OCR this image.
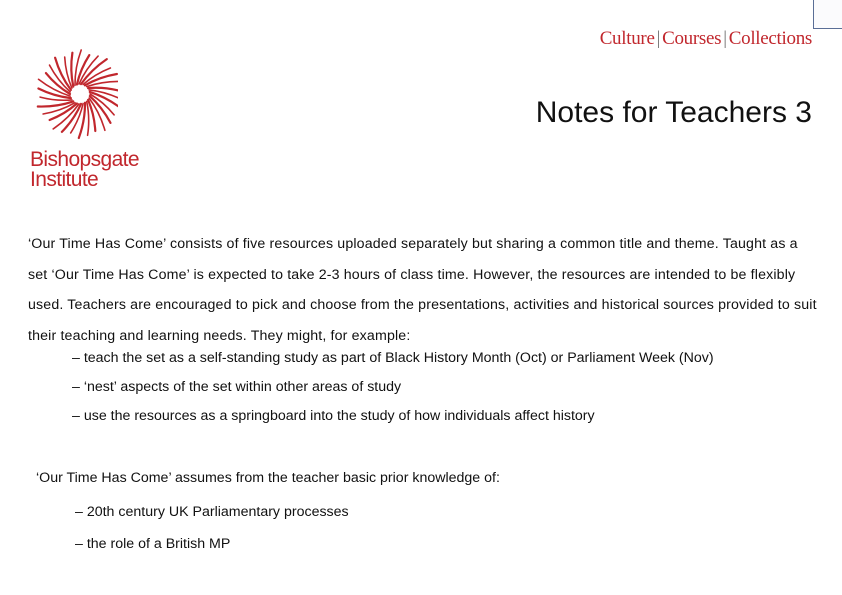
Culture | Courses | Collections
Bishopsgate
Institute
Notes for Teachers 3

‘Our Time Has Come’ consists of five resources uploaded separately but sharing a common title and theme. Taught as a set ‘Our Time Has Come’ is expected to take 2-3 hours of class time. However, the resources are intended to be flexibly used. Teachers are encouraged to pick and choose from the presentations, activities and historical sources provided to suit their teaching and learning needs. They might, for example:

– teach the set as a self-standing study as part of Black History Month (Oct) or Parliament Week (Nov)
– ‘nest’ aspects of the set within other areas of study
– use the resources as a springboard into the study of how individuals affect history
‘Our Time Has Come’ assumes from the teacher basic prior knowledge of:
– 20th century UK Parliamentary processes
– the role of a British MP
